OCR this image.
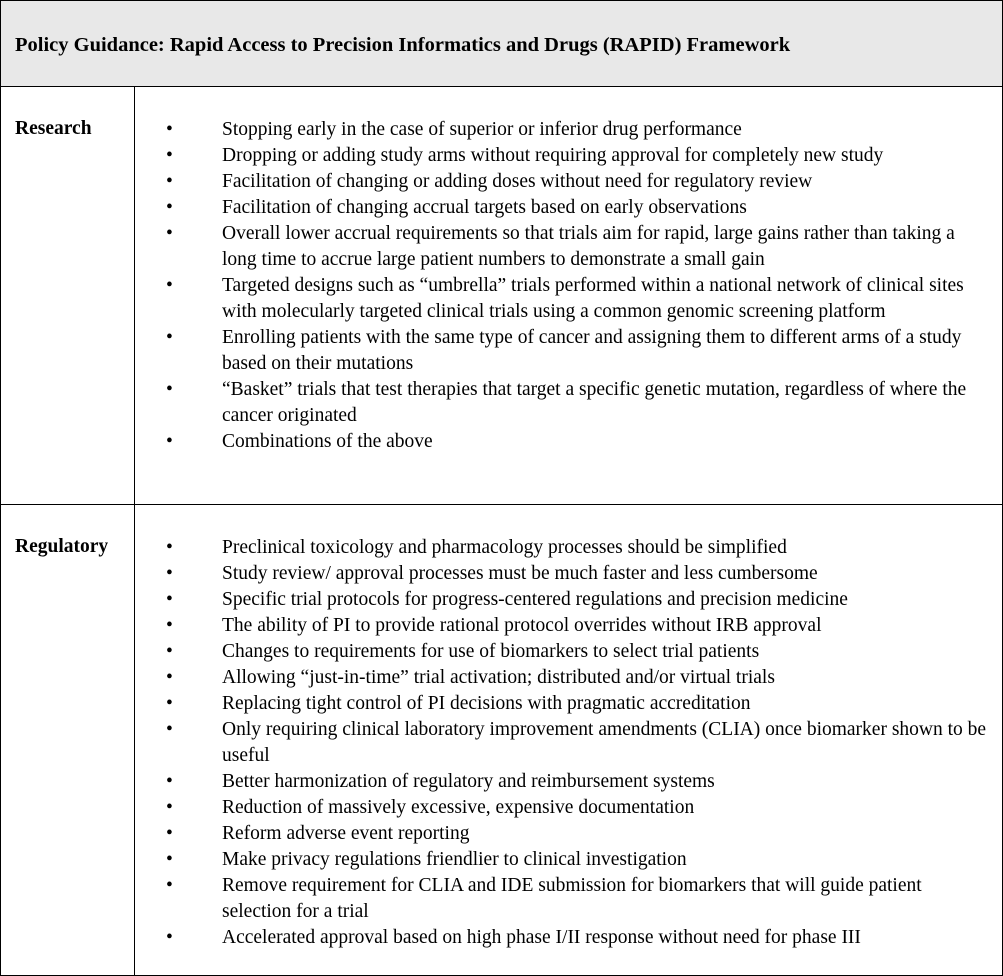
Policy Guidance: Rapid Access to Precision Informatics and Drugs (RAPID) Framework
Research	•	Stopping early in the case of superior or inferior drug performance
•	Dropping or adding study arms without requiring approval for completely new study
•	Facilitation of changing or adding doses without need for regulatory review
•	Facilitation of changing accrual targets based on early observations
•	Overall lower accrual requirements so that trials aim for rapid, large gains rather than taking a long time to accrue large patient numbers to demonstrate a small gain
•	Targeted designs such as “umbrella” trials performed within a national network of clinical sites with molecularly targeted clinical trials using a common genomic screening platform
•	Enrolling patients with the same type of cancer and assigning them to different arms of a study based on their mutations
•	“Basket” trials that test therapies that target a specific genetic mutation, regardless of where the cancer originated
•	Combinations of the above
Regulatory	•	Preclinical toxicology and pharmacology processes should be simplified
•	Study review/ approval processes must be much faster and less cumbersome
•	Specific trial protocols for progress-centered regulations and precision medicine
•	The ability of PI to provide rational protocol overrides without IRB approval
•	Changes to requirements for use of biomarkers to select trial patients
•	Allowing “just-in-time” trial activation; distributed and/or virtual trials
•	Replacing tight control of PI decisions with pragmatic accreditation
•	Only requiring clinical laboratory improvement amendments (CLIA) once biomarker shown to be useful
•	Better harmonization of regulatory and reimbursement systems
•	Reduction of massively excessive, expensive documentation
•	Reform adverse event reporting
•	Make privacy regulations friendlier to clinical investigation
•	Remove requirement for CLIA and IDE submission for biomarkers that will guide patient selection for a trial
•	Accelerated approval based on high phase I/II response without need for phase III
